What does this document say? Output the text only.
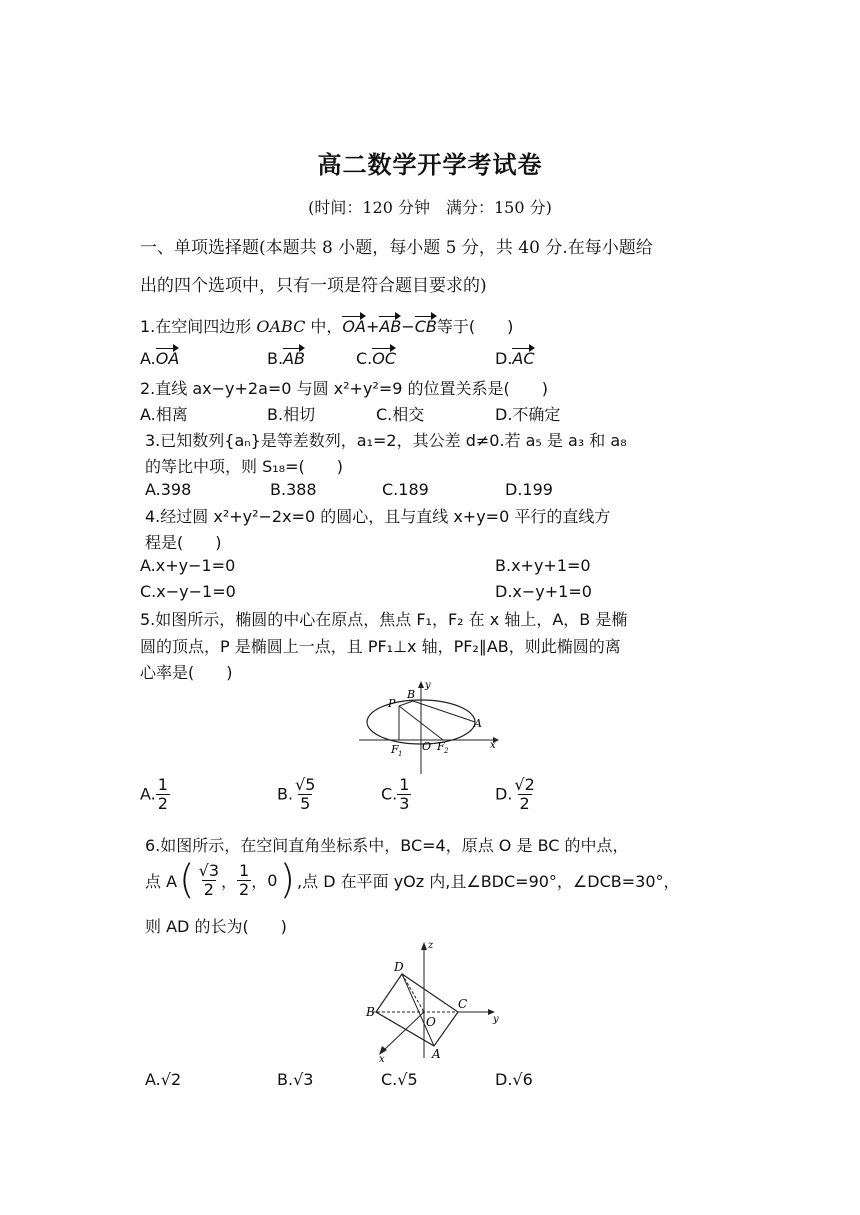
高二数学开学考试卷
(时间：120 分钟　满分：150 分)
一、单项选择题(本题共 8 小题，每小题 5 分，共 40 分.在每小题给
出的四个选项中，只有一项是符合题目要求的)
1.在空间四边形 OABC 中，OA+AB−CB等于(　　)
A.OA	B.AB	C.OC	D.AC
2.直线 ax−y+2a=0 与圆 x²+y²=9 的位置关系是(　　)
A.相离	B.相切	C.相交	D.不确定
3.已知数列{aₙ}是等差数列，a₁=2，其公差 d≠0.若 a₅ 是 a₃ 和 a₈
的等比中项，则 S₁₈=(　　)
A.398	B.388	C.189	D.199
4.经过圆 x²+y²−2x=0 的圆心，且与直线 x+y=0 平行的直线方
程是(　　)
A.x+y−1=0	B.x+y+1=0
C.x−y−1=0	D.x−y+1=0
5.如图所示，椭圆的中心在原点，焦点 F₁，F₂ 在 x 轴上，A，B 是椭
圆的顶点，P 是椭圆上一点，且 PF₁⊥x 轴，PF₂∥AB，则此椭圆的离
心率是(　　)
P
B
A
F 1
O F 2	x
y
A. $\frac{1}{2}$	B. $\frac{√5}{5}$	C. $\frac{1}{3}$	D. $\frac{√2}{2}$
6.如图所示，在空间直角坐标系中，BC=4，原点 O 是 BC 的中点，
点 A ( $\frac{√3}{2}$ ， $\frac{1}{2}$ ， 0 ) ,点 D 在平面 yOz 内,且∠BDC=90°，∠DCB=30°，
则 AD 的长为(　　)
D
B
O
C
A
x
y
z
A.√2	B.√3	C.√5	D.√6
